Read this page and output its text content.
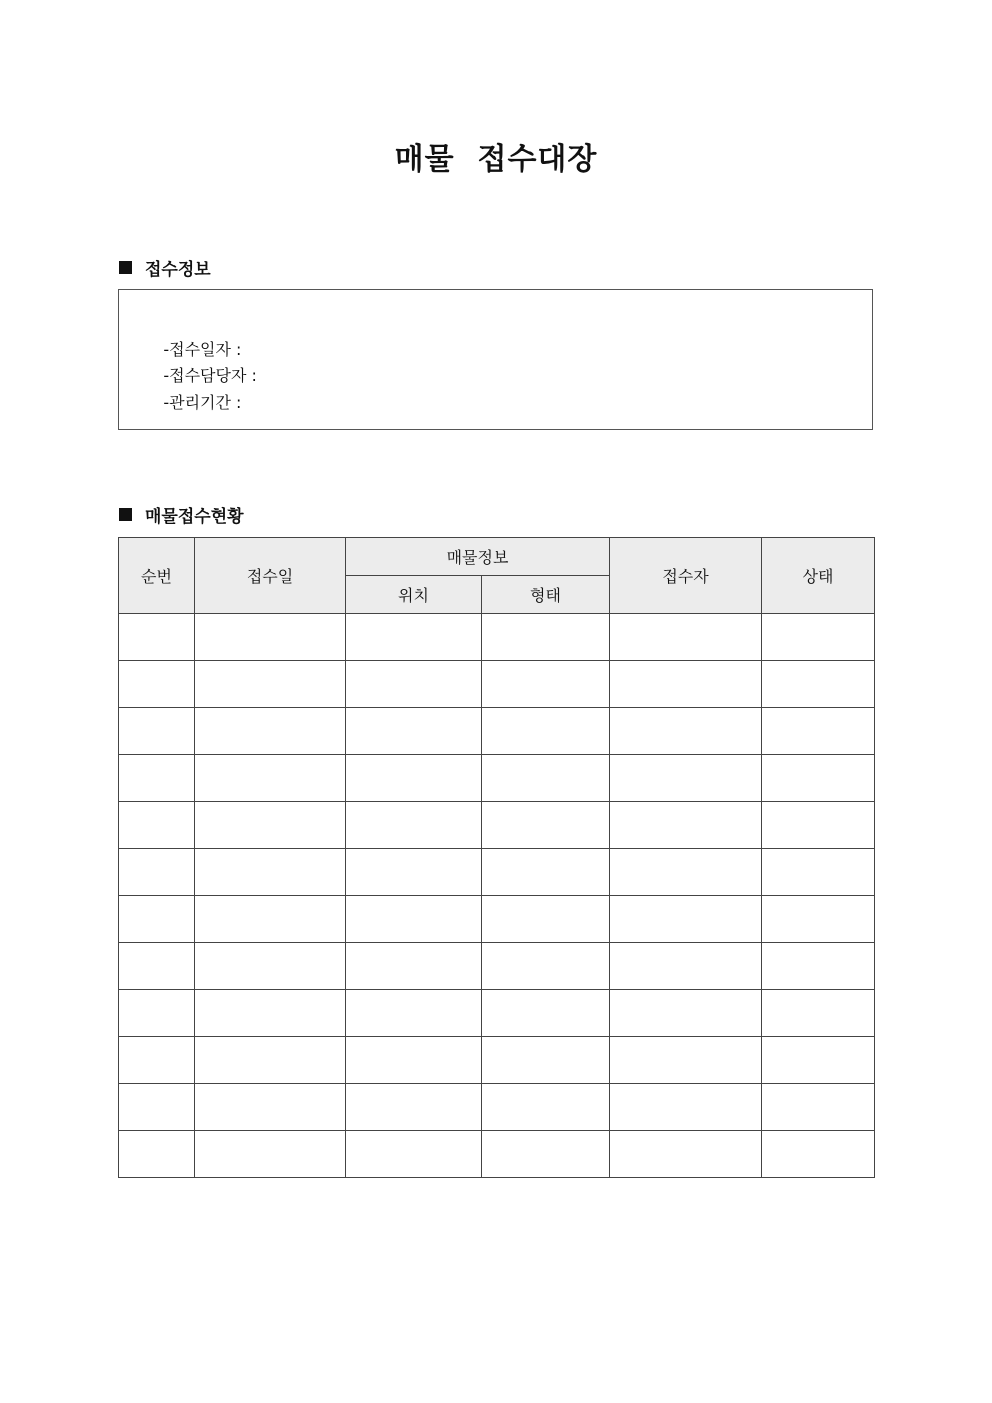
매물  접수대장
접수정보

-접수일자 :

-접수담당자 :

-관리기간 :

매물접수현황
순번	접수일	매물정보		접수자	상태
		위치	형태		
